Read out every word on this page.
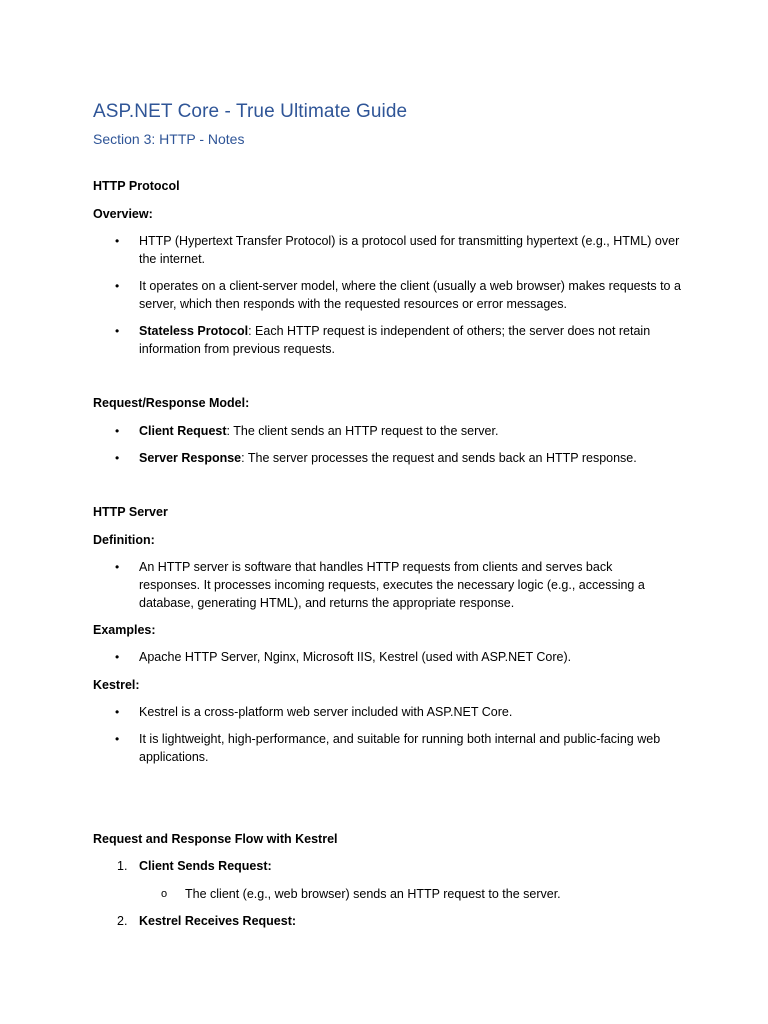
ASP.NET Core - True Ultimate Guide
Section 3: HTTP - Notes
HTTP Protocol
Overview:
• HTTP (Hypertext Transfer Protocol) is a protocol used for transmitting hypertext (e.g., HTML) over the internet.
• It operates on a client-server model, where the client (usually a web browser) makes requests to a server, which then responds with the requested resources or error messages.
• Stateless Protocol: Each HTTP request is independent of others; the server does not retain information from previous requests.
Request/Response Model:
• Client Request: The client sends an HTTP request to the server.
• Server Response: The server processes the request and sends back an HTTP response.
HTTP Server
Definition:
• An HTTP server is software that handles HTTP requests from clients and serves back responses. It processes incoming requests, executes the necessary logic (e.g., accessing a database, generating HTML), and returns the appropriate response.
Examples:
• Apache HTTP Server, Nginx, Microsoft IIS, Kestrel (used with ASP.NET Core).
Kestrel:
• Kestrel is a cross-platform web server included with ASP.NET Core.
• It is lightweight, high-performance, and suitable for running both internal and public-facing web applications.
Request and Response Flow with Kestrel
1. Client Sends Request:
o The client (e.g., web browser) sends an HTTP request to the server.
2. Kestrel Receives Request:
